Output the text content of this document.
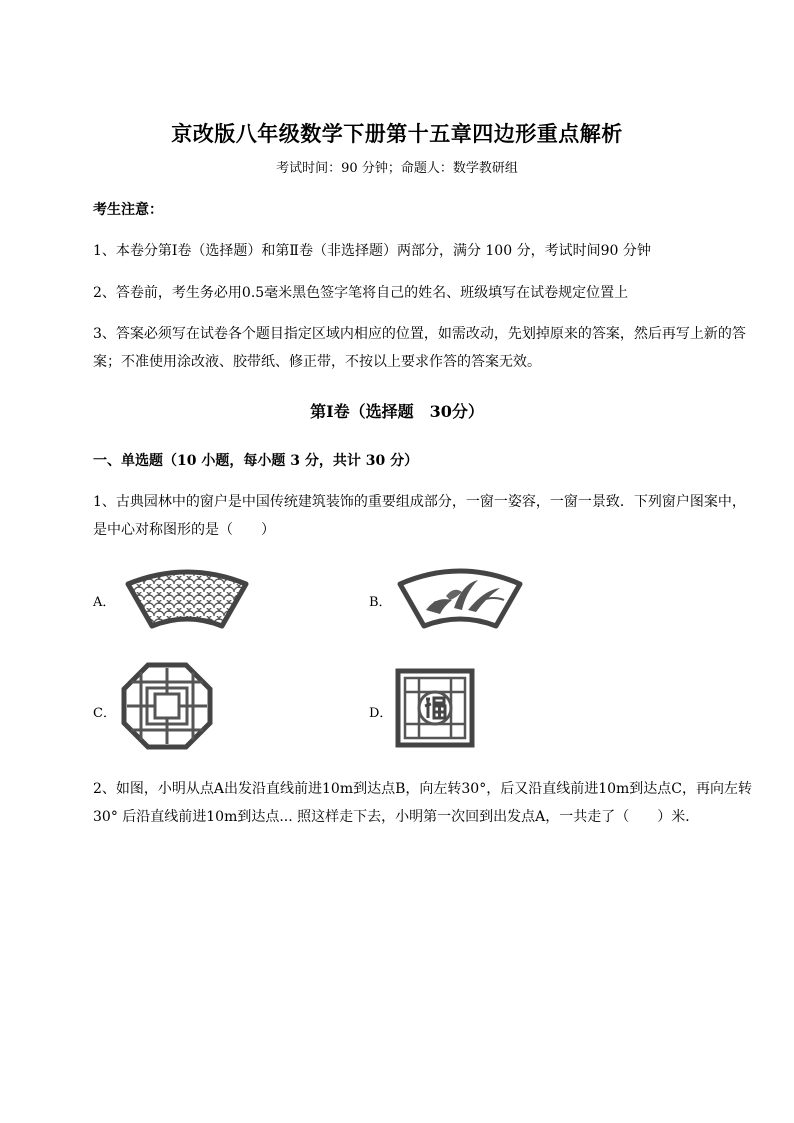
京改版八年级数学下册第十五章四边形重点解析
考试时间：90 分钟；命题人：数学教研组
考生注意：
1、本卷分第Ⅰ卷（选择题）和第Ⅱ卷（非选择题）两部分，满分 100 分，考试时间90 分钟
2、答卷前，考生务必用0.5毫米黑色签字笔将自己的姓名、班级填写在试卷规定位置上
3、答案必须写在试卷各个题目指定区域内相应的位置，如需改动，先划掉原来的答案，然后再写上新的答案；不准使用涂改液、胶带纸、修正带，不按以上要求作答的答案无效。
第Ⅰ卷（选择题　30分）
一、单选题（10 小题，每小题 3 分，共计 30 分）
1、古典园林中的窗户是中国传统建筑装饰的重要组成部分，一窗一姿容，一窗一景致．下列窗户图案中，是中心对称图形的是（　　）
A．	B．
C．	D．
2、如图，小明从点A出发沿直线前进10m到达点B，向左转30°，后又沿直线前进10m到达点C，再向左转30° 后沿直线前进10m到达点... 照这样走下去，小明第一次回到出发点A，一共走了（　　）米．
